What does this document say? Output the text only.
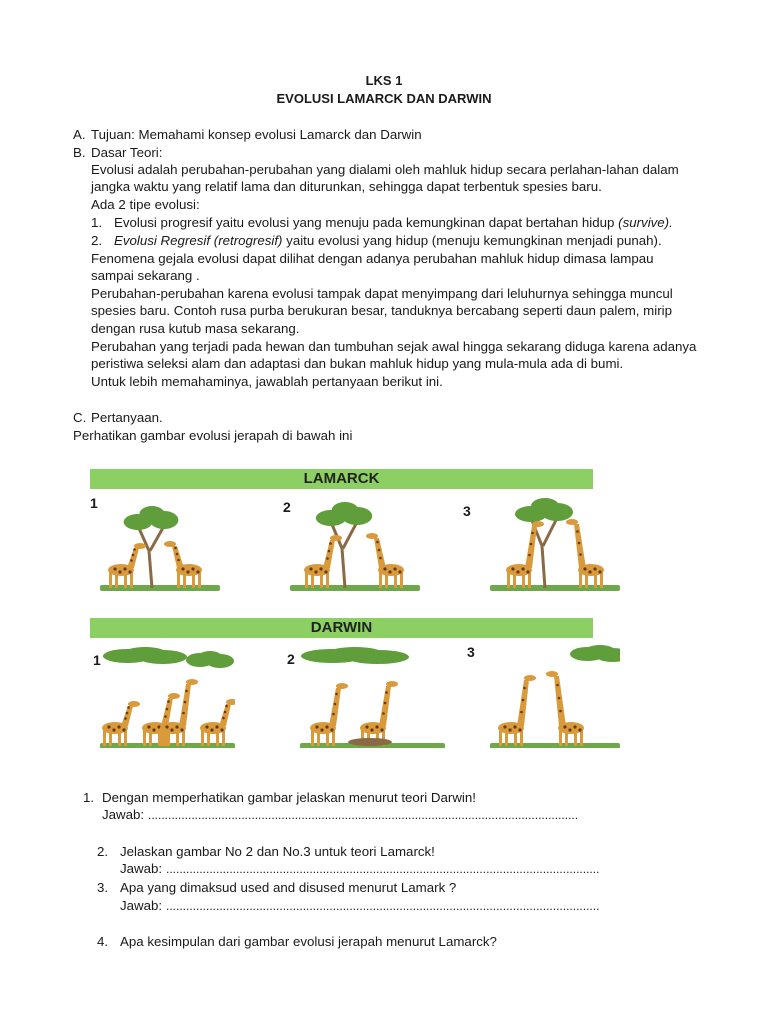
LKS 1
EVOLUSI LAMARCK DAN DARWIN
A. Tujuan: Memahami konsep evolusi Lamarck dan Darwin
B. Dasar Teori:
Evolusi adalah perubahan-perubahan yang dialami oleh mahluk hidup secara perlahan-lahan dalam
jangka waktu yang relatif lama dan diturunkan, sehingga dapat terbentuk spesies baru.
Ada 2 tipe evolusi:
1. Evolusi progresif yaitu evolusi yang menuju pada kemungkinan dapat bertahan hidup (survive).
2. Evolusi Regresif (retrogresif) yaitu evolusi yang hidup (menuju kemungkinan menjadi punah).
Fenomena gejala evolusi dapat dilihat dengan adanya perubahan mahluk hidup dimasa lampau
sampai sekarang .
Perubahan-perubahan karena evolusi tampak dapat menyimpang dari leluhurnya sehingga muncul
spesies baru. Contoh rusa purba berukuran besar, tanduknya bercabang seperti daun palem, mirip
dengan rusa kutub masa sekarang.
Perubahan yang terjadi pada hewan dan tumbuhan sejak awal hingga sekarang diduga karena adanya
peristiwa seleksi alam dan adaptasi dan bukan mahluk hidup yang mula-mula ada di bumi.
Untuk lebih memahaminya, jawablah pertanyaan berikut ini.
C. Pertanyaan.
Perhatikan gambar evolusi jerapah di bawah ini
LAMARCK
1	2	3
DARWIN
1	2	3
1. Dengan memperhatikan gambar jelaskan menurut teori Darwin!
Jawab: .................................................................................................................................
2. Jelaskan gambar No 2 dan No.3 untuk teori Lamarck!
Jawab: ..................................................................................................................................
3. Apa yang dimaksud used and disused menurut Lamark ?
Jawab: ..................................................................................................................................
4. Apa kesimpulan dari gambar evolusi jerapah menurut Lamarck?
